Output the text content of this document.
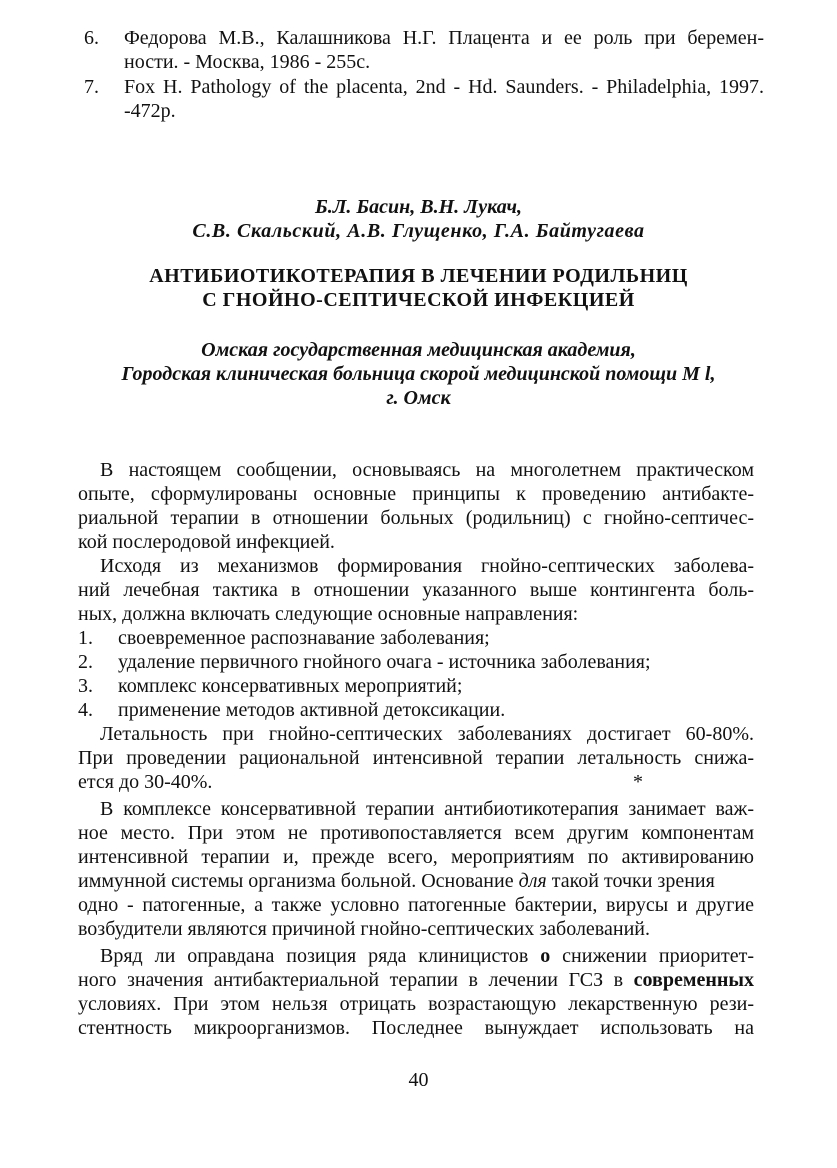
6. Федорова М.В., Калашникова Н.Г. Плацента и ее роль при беремен-
ности. - Москва, 1986 - 255с.
7. Fox H. Pathology of the placenta, 2nd - Hd. Saunders. - Philadelphia, 1997.
-472р.
Б.Л. Басин, В.Н. Лукач,
С.В. Скальский, А.В. Глущенко, Г.А. Байтугаева
АНТИБИОТИКОТЕРАПИЯ В ЛЕЧЕНИИ РОДИЛЬНИЦ
С ГНОЙНО-СЕПТИЧЕСКОЙ ИНФЕКЦИЕЙ
Омская государственная медицинская академия,
Городская клиническая больница скорой медицинской помощи М l,
г. Омск
В настоящем сообщении, основываясь на многолетнем практическом
опыте, сформулированы основные принципы к проведению антибакте-
риальной терапии в отношении больных (родильниц) с гнойно-септичес-
кой послеродовой инфекцией.
Исходя из механизмов формирования гнойно-септических заболева-
ний лечебная тактика в отношении указанного выше контингента боль-
ных, должна включать следующие основные направления:
1. своевременное распознавание заболевания;
2. удаление первичного гнойного очага - источника заболевания;
3. комплекс консервативных мероприятий;
4. применение методов активной детоксикации.
Летальность при гнойно-септических заболеваниях достигает 60-80%.
При проведении рациональной интенсивной терапии летальность снижа-
ется до 30-40%.	*
В комплексе консервативной терапии антибиотикотерапия занимает важ-
ное место. При этом не противопоставляется всем другим компонентам
интенсивной терапии и, прежде всего, мероприятиям по активированию
иммунной системы организма больной. Основание для такой точки зрения
одно - патогенные, а также условно патогенные бактерии, вирусы и другие
возбудители являются причиной гнойно-септических заболеваний.
Вряд ли оправдана позиция ряда клиницистов о снижении приоритет-
ного значения антибактериальной терапии в лечении ГСЗ в современных
условиях. При этом нельзя отрицать возрастающую лекарственную рези-
стентность микроорганизмов. Последнее вынуждает использовать на
40
